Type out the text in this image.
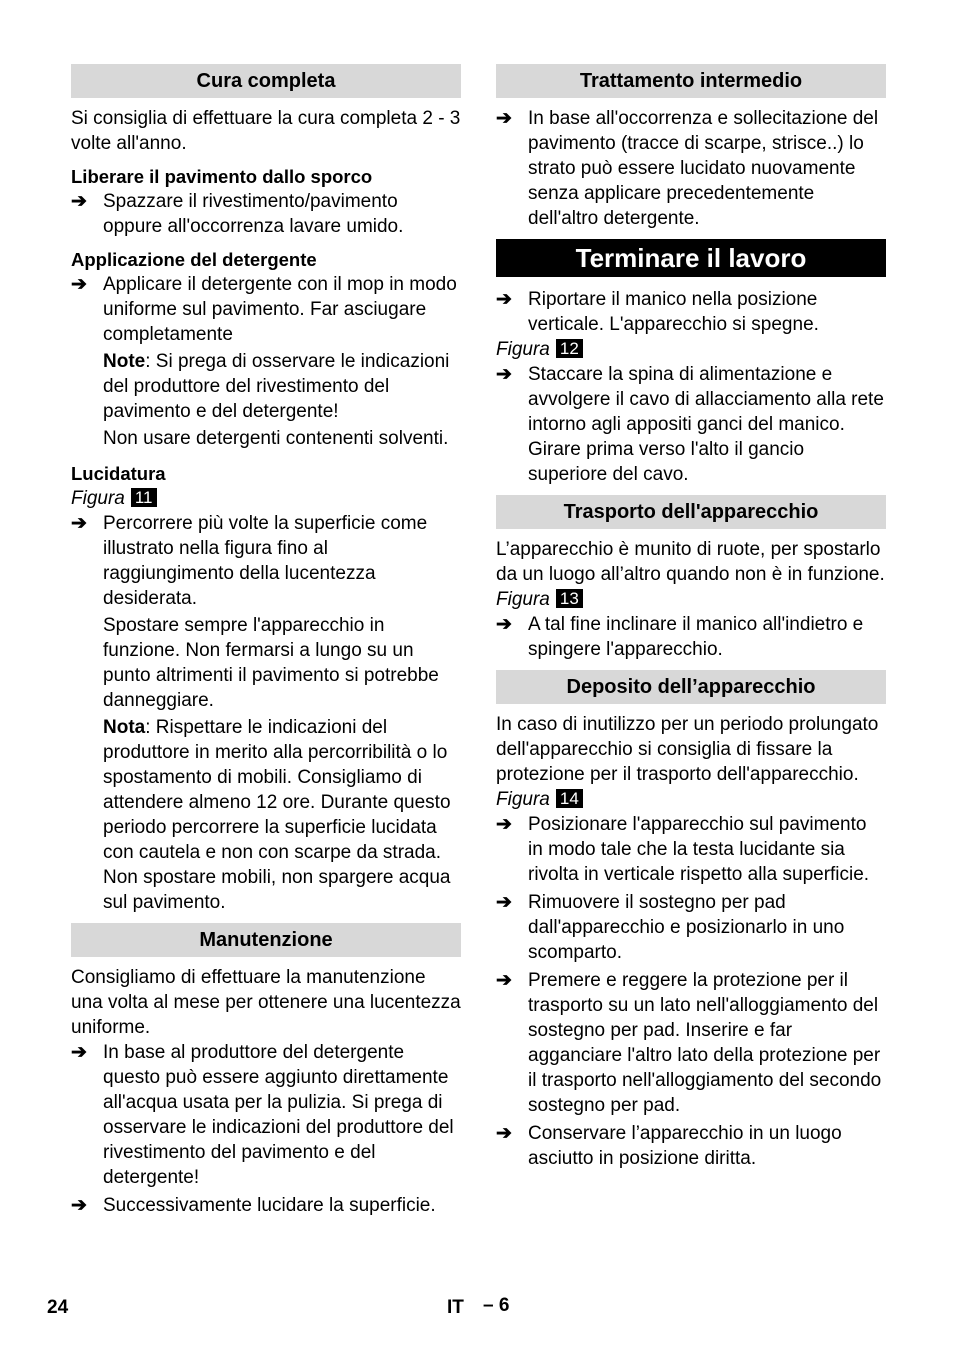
Cura completa

Si consiglia di effettuare la cura completa 2 - 3 volte all'anno.

Liberare il pavimento dallo sporco
➔ Spazzare il rivestimento/pavimento oppure all'occorrenza lavare umido.
Applicazione del detergente
➔ Applicare il detergente con il mop in modo uniforme sul pavimento. Far asciugare completamente
Note: Si prega di osservare le indicazioni del produttore del rivestimento del pavimento e del detergente!
Non usare detergenti contenenti solventi.
Lucidatura
Figura 11
➔ Percorrere più volte la superficie come illustrato nella figura fino al raggiungimento della lucentezza desiderata.
Spostare sempre l'apparecchio in funzione. Non fermarsi a lungo su un punto altrimenti il pavimento si potrebbe danneggiare.
Nota: Rispettare le indicazioni del produttore in merito alla percorribilità o lo spostamento di mobili. Consigliamo di attendere almeno 12 ore. Durante questo periodo percorrere la superficie lucidata con cautela e non con scarpe da strada. Non spostare mobili, non spargere acqua sul pavimento.
Manutenzione

Consigliamo di effettuare la manutenzione una volta al mese per ottenere una lucentezza uniforme.

➔ In base al produttore del detergente questo può essere aggiunto direttamente all'acqua usata per la pulizia. Si prega di osservare le indicazioni del produttore del rivestimento del pavimento e del detergente!
➔ Successivamente lucidare la superficie.
Trattamento intermedio
➔ In base all'occorrenza e sollecitazione del pavimento (tracce di scarpe, strisce..) lo strato può essere lucidato nuovamente senza applicare precedentemente dell'altro detergente.
Terminare il lavoro
➔ Riportare il manico nella posizione verticale. L'apparecchio si spegne.
Figura 12
➔ Staccare la spina di alimentazione e avvolgere il cavo di allacciamento alla rete intorno agli appositi ganci del manico. Girare prima verso l'alto il gancio superiore del cavo.
Trasporto dell'apparecchio

L’apparecchio è munito di ruote, per spostarlo da un luogo all’altro quando non è in funzione.

Figura 13
➔ A tal fine inclinare il manico all'indietro e spingere l'apparecchio.
Deposito dell’apparecchio

In caso di inutilizzo per un periodo prolungato dell'apparecchio si consiglia di fissare la protezione per il trasporto dell'apparecchio.

Figura 14
➔ Posizionare l'apparecchio sul pavimento in modo tale che la testa lucidante sia rivolta in verticale rispetto alla superficie.
➔ Rimuovere il sostegno per pad dall'apparecchio e posizionarlo in uno scomparto.
➔ Premere e reggere la protezione per il trasporto su un lato nell'alloggiamento del sostegno per pad. Inserire e far agganciare l'altro lato della protezione per il trasporto nell'alloggiamento del secondo sostegno per pad.
➔ Conservare l’apparecchio in un luogo asciutto in posizione diritta.
24	IT – 6
